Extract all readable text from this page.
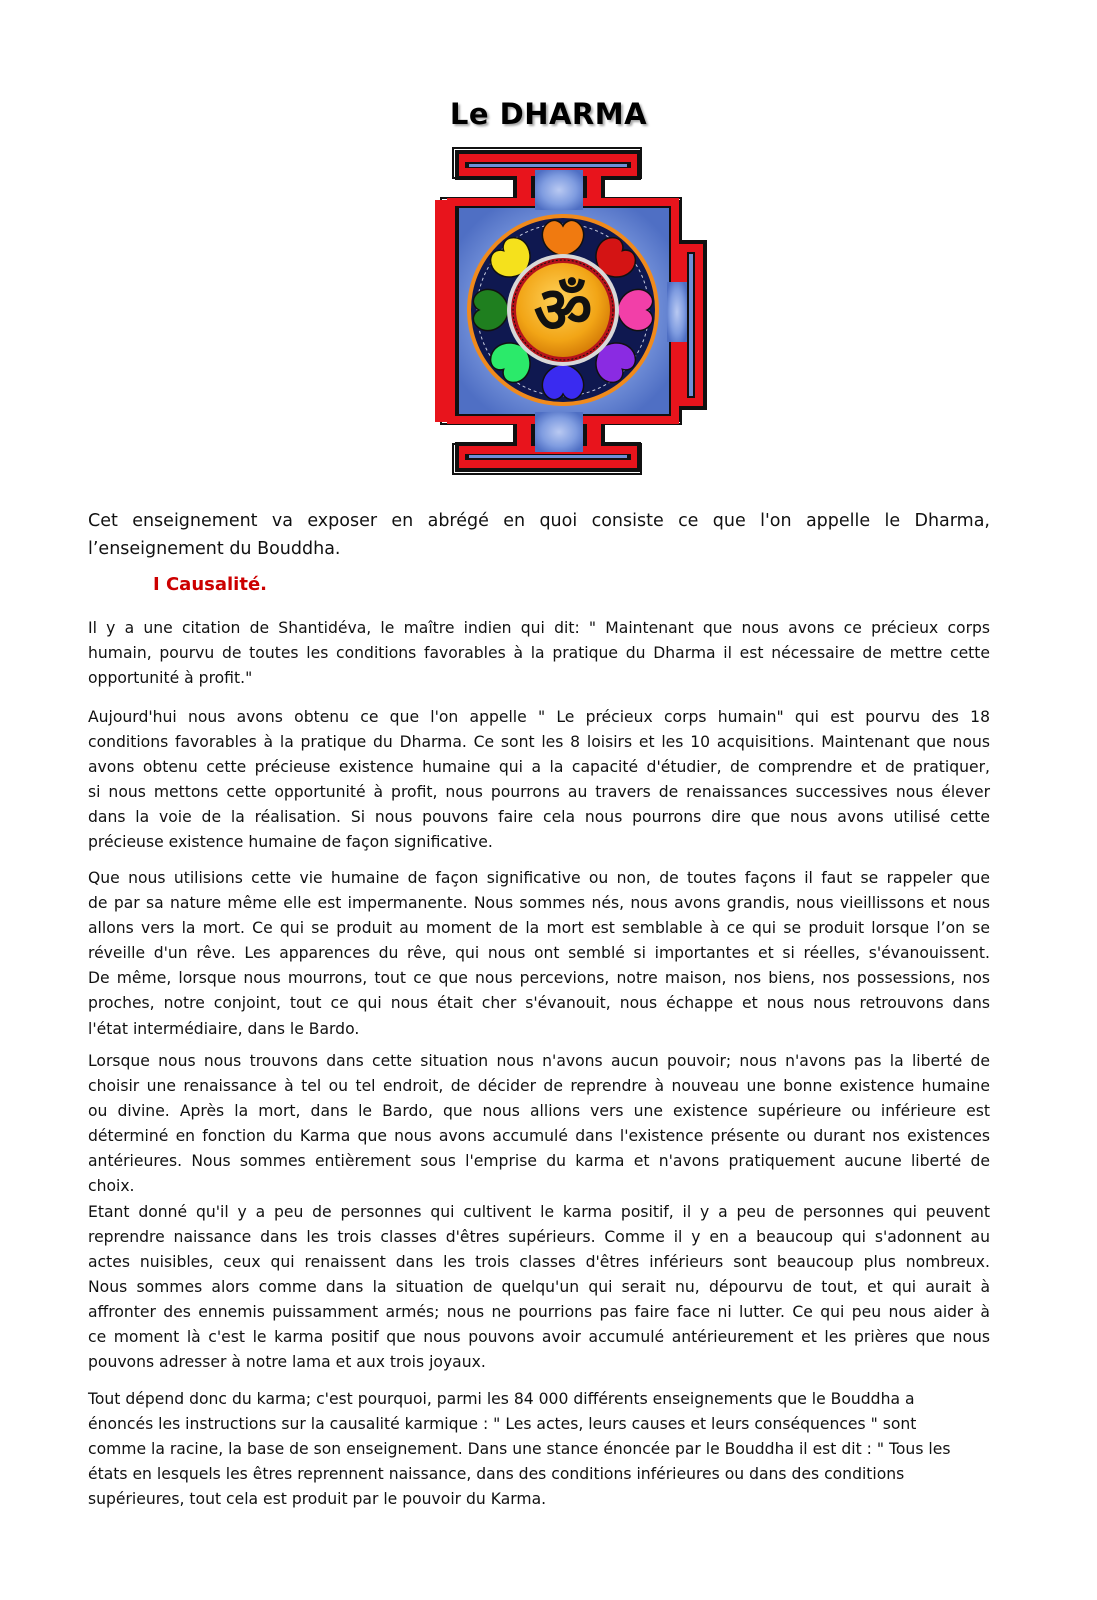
Le DHARMA
ॐ

Cet enseignement va exposer en abrégé en quoi consiste ce que l'on appelle le Dharma,
l’enseignement du Bouddha.

I Causalité.
Il y a une citation de Shantidéva, le maître indien qui dit: " Maintenant que nous avons ce précieux corps
humain, pourvu de toutes les conditions favorables à la pratique du Dharma il est nécessaire de mettre cette
opportunité à profit."
Aujourd'hui nous avons obtenu ce que l'on appelle " Le précieux corps humain" qui est pourvu des 18
conditions favorables à la pratique du Dharma. Ce sont les 8 loisirs et les 10 acquisitions. Maintenant que nous
avons obtenu cette précieuse existence humaine qui a la capacité d'étudier, de comprendre et de pratiquer,
si nous mettons cette opportunité à profit, nous pourrons au travers de renaissances successives nous élever
dans la voie de la réalisation. Si nous pouvons faire cela nous pourrons dire que nous avons utilisé cette
précieuse existence humaine de façon significative.
Que nous utilisions cette vie humaine de façon significative ou non, de toutes façons il faut se rappeler que
de par sa nature même elle est impermanente. Nous sommes nés, nous avons grandis, nous vieillissons et nous
allons vers la mort. Ce qui se produit au moment de la mort est semblable à ce qui se produit lorsque l’on se
réveille d'un rêve. Les apparences du rêve, qui nous ont semblé si importantes et si réelles, s'évanouissent.
De même, lorsque nous mourrons, tout ce que nous percevions, notre maison, nos biens, nos possessions, nos
proches, notre conjoint, tout ce qui nous était cher s'évanouit, nous échappe et nous nous retrouvons dans
l'état intermédiaire, dans le Bardo.
Lorsque nous nous trouvons dans cette situation nous n'avons aucun pouvoir; nous n'avons pas la liberté de
choisir une renaissance à tel ou tel endroit, de décider de reprendre à nouveau une bonne existence humaine
ou divine. Après la mort, dans le Bardo, que nous allions vers une existence supérieure ou inférieure est
déterminé en fonction du Karma que nous avons accumulé dans l'existence présente ou durant nos existences
antérieures. Nous sommes entièrement sous l'emprise du karma et n'avons pratiquement aucune liberté de
choix.
Etant donné qu'il y a peu de personnes qui cultivent le karma positif, il y a peu de personnes qui peuvent
reprendre naissance dans les trois classes d'êtres supérieurs. Comme il y en a beaucoup qui s'adonnent au
actes nuisibles, ceux qui renaissent dans les trois classes d'êtres inférieurs sont beaucoup plus nombreux.
Nous sommes alors comme dans la situation de quelqu'un qui serait nu, dépourvu de tout, et qui aurait à
affronter des ennemis puissamment armés; nous ne pourrions pas faire face ni lutter. Ce qui peu nous aider à
ce moment là c'est le karma positif que nous pouvons avoir accumulé antérieurement et les prières que nous
pouvons adresser à notre lama et aux trois joyaux.
Tout dépend donc du karma; c'est pourquoi, parmi les 84 000 différents enseignements que le Bouddha a
énoncés les instructions sur la causalité karmique : " Les actes, leurs causes et leurs conséquences " sont
comme la racine, la base de son enseignement. Dans une stance énoncée par le Bouddha il est dit : " Tous les
états en lesquels les êtres reprennent naissance, dans des conditions inférieures ou dans des conditions
supérieures, tout cela est produit par le pouvoir du Karma.
